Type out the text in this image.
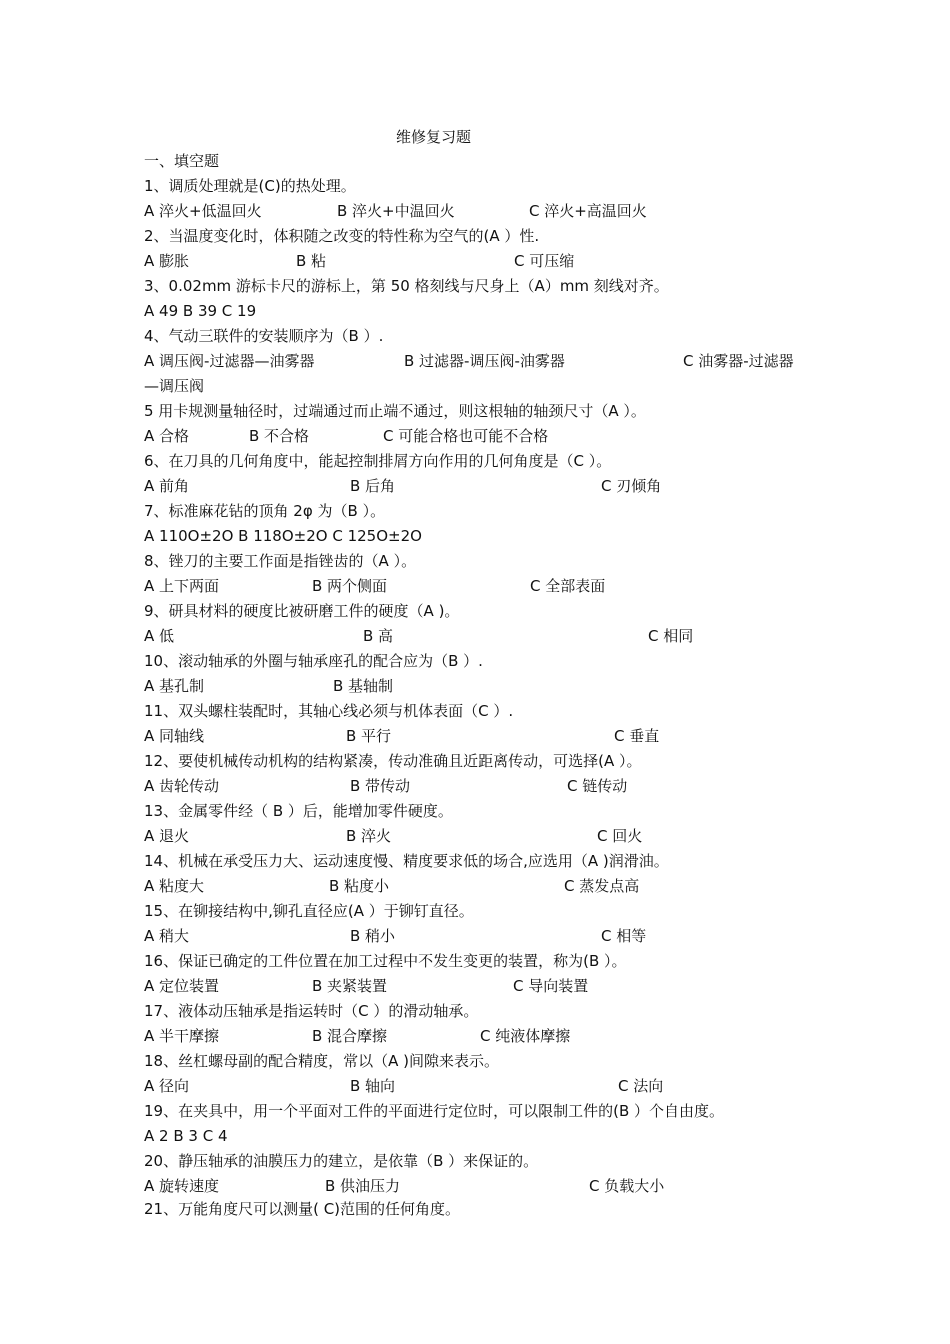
维修复习题
一、填空题
1、调质处理就是(C)的热处理。
A 淬火+低温回火	B 淬火+中温回火	C 淬火+高温回火
2、当温度变化时，体积随之改变的特性称为空气的(A ）性.
A 膨胀	B 粘	C 可压缩
3、0.02mm 游标卡尺的游标上，第 50 格刻线与尺身上（A）mm 刻线对齐。
A 49 B 39 C 19
4、气动三联件的安装顺序为（B ）.
A 调压阀-过滤器—油雾器	B 过滤器-调压阀-油雾器	C 油雾器-过滤器
—调压阀
5 用卡规测量轴径时，过端通过而止端不通过，则这根轴的轴颈尺寸（A ）。
A 合格	B 不合格	C 可能合格也可能不合格
6、在刀具的几何角度中，能起控制排屑方向作用的几何角度是（C ）。
A 前角	B 后角	C 刃倾角
7、标准麻花钻的顶角 2φ 为（B ）。
A 110O±2O B 118O±2O C 125O±2O
8、锉刀的主要工作面是指锉齿的（A ）。
A 上下两面	B 两个侧面	C 全部表面
9、研具材料的硬度比被研磨工件的硬度（A )。
A 低	B 高	C 相同
10、滚动轴承的外圈与轴承座孔的配合应为（B ）.
A 基孔制	B 基轴制
11、双头螺柱装配时，其轴心线必须与机体表面（C ）.
A 同轴线	B 平行	C 垂直
12、要使机械传动机构的结构紧凑，传动准确且近距离传动，可选择(A ）。
A 齿轮传动	B 带传动	C 链传动
13、金属零件经（ B ）后，能增加零件硬度。
A 退火	B 淬火	C 回火
14、机械在承受压力大、运动速度慢、精度要求低的场合,应选用（A )润滑油。
A 粘度大	B 粘度小	C 蒸发点高
15、在铆接结构中,铆孔直径应(A ）于铆钉直径。
A 稍大	B 稍小	C 相等
16、保证已确定的工件位置在加工过程中不发生变更的装置，称为(B ）。
A 定位装置	B 夹紧装置	C 导向装置
17、液体动压轴承是指运转时（C ）的滑动轴承。
A 半干摩擦	B 混合摩擦	C 纯液体摩擦
18、丝杠螺母副的配合精度，常以（A )间隙来表示。
A 径向	B 轴向	C 法向
19、在夹具中，用一个平面对工件的平面进行定位时，可以限制工件的(B ）个自由度。
A 2 B 3 C 4
20、静压轴承的油膜压力的建立，是依靠（B ）来保证的。
A 旋转速度	B 供油压力	C 负载大小
21、万能角度尺可以测量( C)范围的任何角度。
